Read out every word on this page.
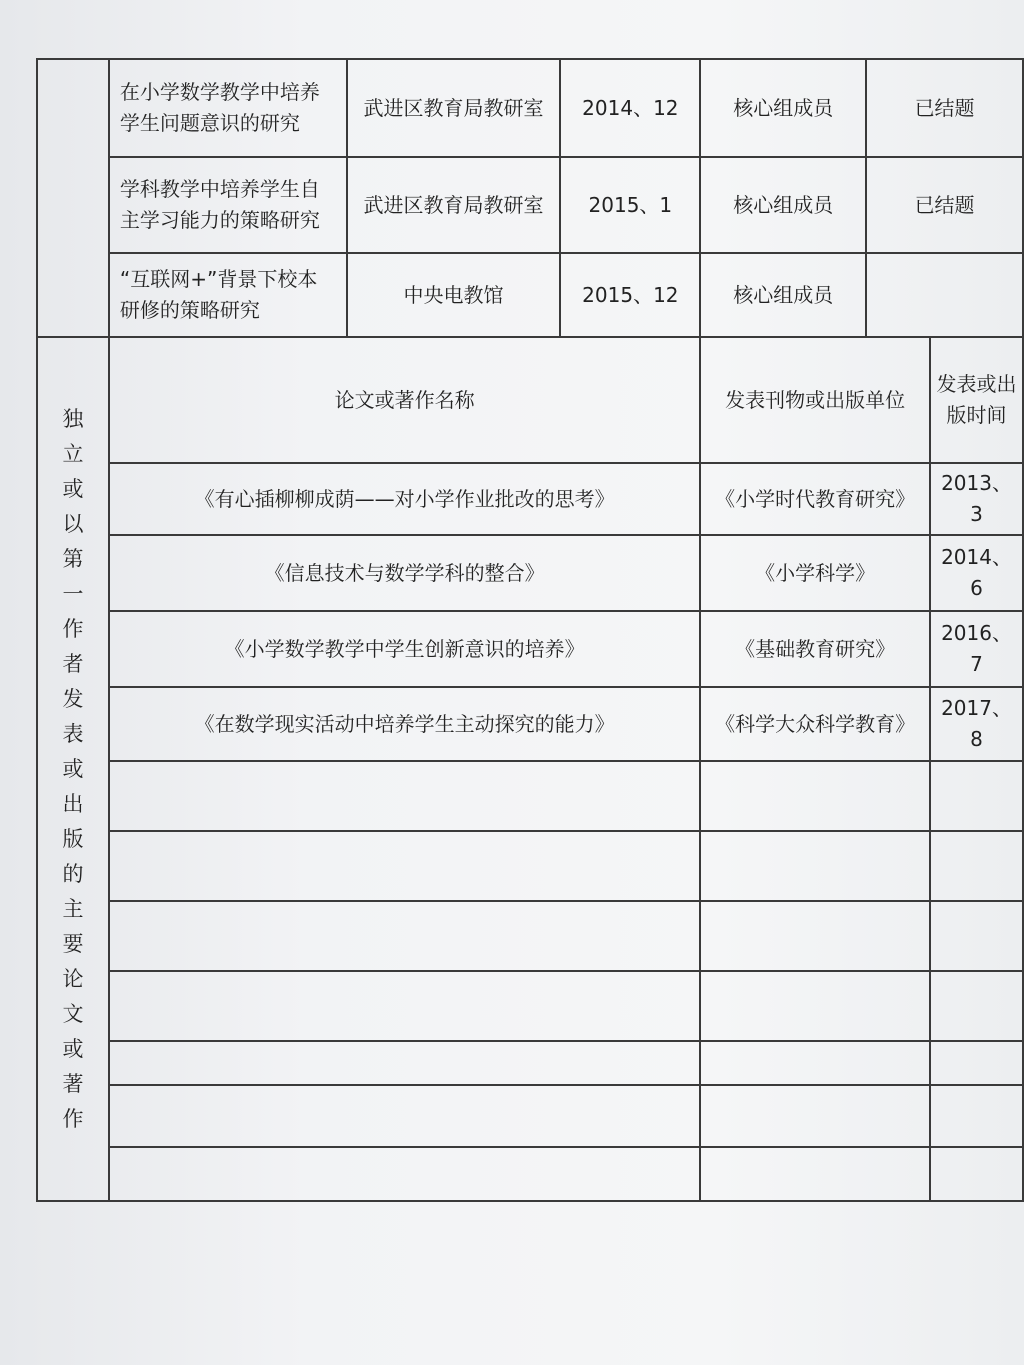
	在小学数学教学中培养学生问题意识的研究	武进区教育局教研室	2014、12	核心组成员	已结题	
	学科教学中培养学生自主学习能力的策略研究	武进区教育局教研室	2015、1	核心组成员	已结题	
	“互联网+”背景下校本研修的策略研究	中央电教馆	2015、12	核心组成员		

独立或以第一作者发表或出版的主要论文或著作	论文或著作名称			发表刊物或出版单位		发表或出版时间
	《有心插柳柳成荫——对小学作业批改的思考》			《小学时代教育研究》		2013、3
	《信息技术与数学学科的整合》			《小学科学》		2014、6
	《小学数学教学中学生创新意识的培养》			《基础教育研究》		2016、7
	《在数学现实活动中培养学生主动探究的能力》			《科学大众科学教育》		2017、8
